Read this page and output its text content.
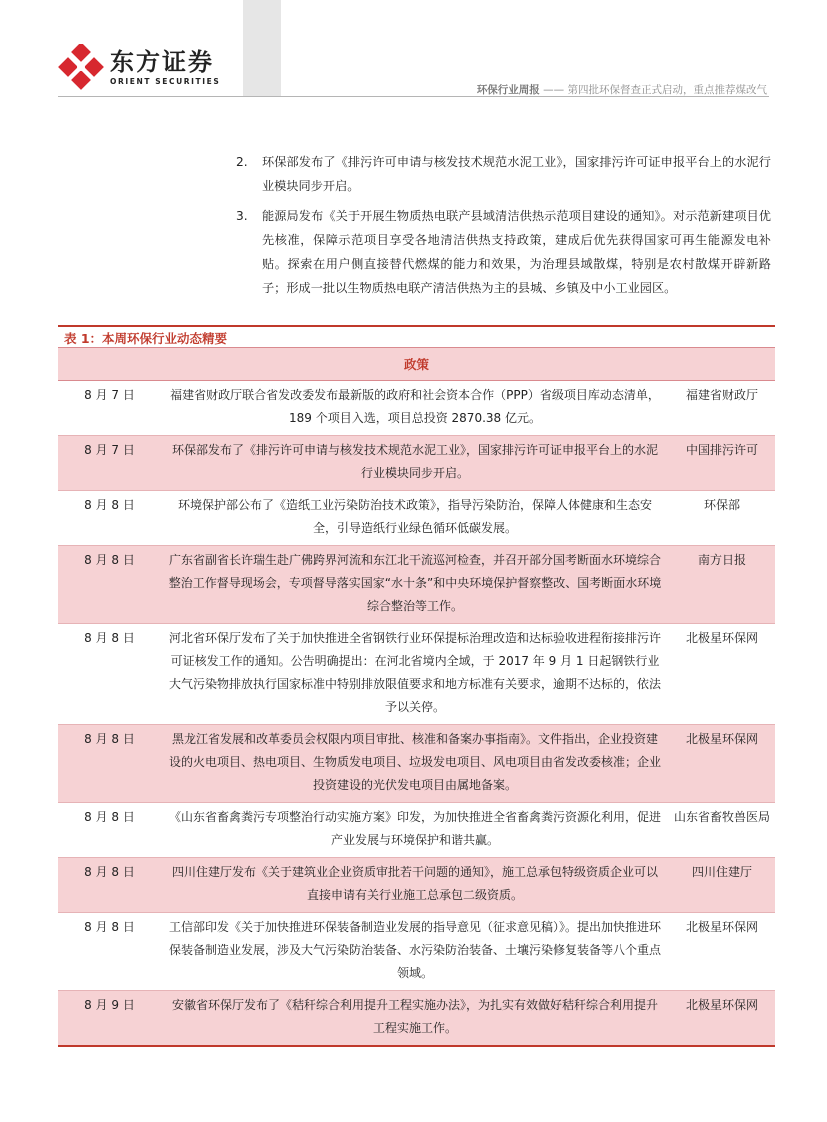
东方证券
ORIENT SECURITIES
环保行业周报 —— 第四批环保督查正式启动，重点推荐煤改气
2.	环保部发布了《排污许可申请与核发技术规范水泥工业》，国家排污许可证申报平台上的水泥行业模块同步开启。
3.	能源局发布《关于开展生物质热电联产县域清洁供热示范项目建设的通知》。对示范新建项目优先核准，保障示范项目享受各地清洁供热支持政策，建成后优先获得国家可再生能源发电补贴。探索在用户侧直接替代燃煤的能力和效果，为治理县域散煤，特别是农村散煤开辟新路子；形成一批以生物质热电联产清洁供热为主的县城、乡镇及中小工业园区。
表 1：本周环保行业动态精要
政策		
8 月 7 日	福建省财政厅联合省发改委发布最新版的政府和社会资本合作（PPP）省级项目库动态清单，189 个项目入选，项目总投资 2870.38 亿元。	福建省财政厅
8 月 7 日	环保部发布了《排污许可申请与核发技术规范水泥工业》，国家排污许可证申报平台上的水泥行业模块同步开启。	中国排污许可
8 月 8 日	环境保护部公布了《造纸工业污染防治技术政策》，指导污染防治，保障人体健康和生态安全，引导造纸行业绿色循环低碳发展。	环保部
8 月 8 日	广东省副省长许瑞生赴广佛跨界河流和东江北干流巡河检查，并召开部分国考断面水环境综合整治工作督导现场会，专项督导落实国家“水十条”和中央环境保护督察整改、国考断面水环境综合整治等工作。	南方日报
8 月 8 日	河北省环保厅发布了关于加快推进全省钢铁行业环保提标治理改造和达标验收进程衔接排污许可证核发工作的通知。公告明确提出：在河北省境内全域，于 2017 年 9 月 1 日起钢铁行业大气污染物排放执行国家标准中特别排放限值要求和地方标准有关要求，逾期不达标的，依法予以关停。	北极星环保网
8 月 8 日	黑龙江省发展和改革委员会权限内项目审批、核准和备案办事指南》。文件指出，企业投资建设的火电项目、热电项目、生物质发电项目、垃圾发电项目、风电项目由省发改委核准；企业投资建设的光伏发电项目由属地备案。	北极星环保网
8 月 8 日	《山东省畜禽粪污专项整治行动实施方案》印发，为加快推进全省畜禽粪污资源化利用，促进产业发展与环境保护和谐共赢。	山东省畜牧兽医局
8 月 8 日	四川住建厅发布《关于建筑业企业资质审批若干问题的通知》，施工总承包特级资质企业可以直接申请有关行业施工总承包二级资质。	四川住建厅
8 月 8 日	工信部印发《关于加快推进环保装备制造业发展的指导意见（征求意见稿）》。提出加快推进环保装备制造业发展，涉及大气污染防治装备、水污染防治装备、土壤污染修复装备等八个重点领域。	北极星环保网
8 月 9 日	安徽省环保厅发布了《秸秆综合利用提升工程实施办法》，为扎实有效做好秸秆综合利用提升工程实施工作。	北极星环保网
